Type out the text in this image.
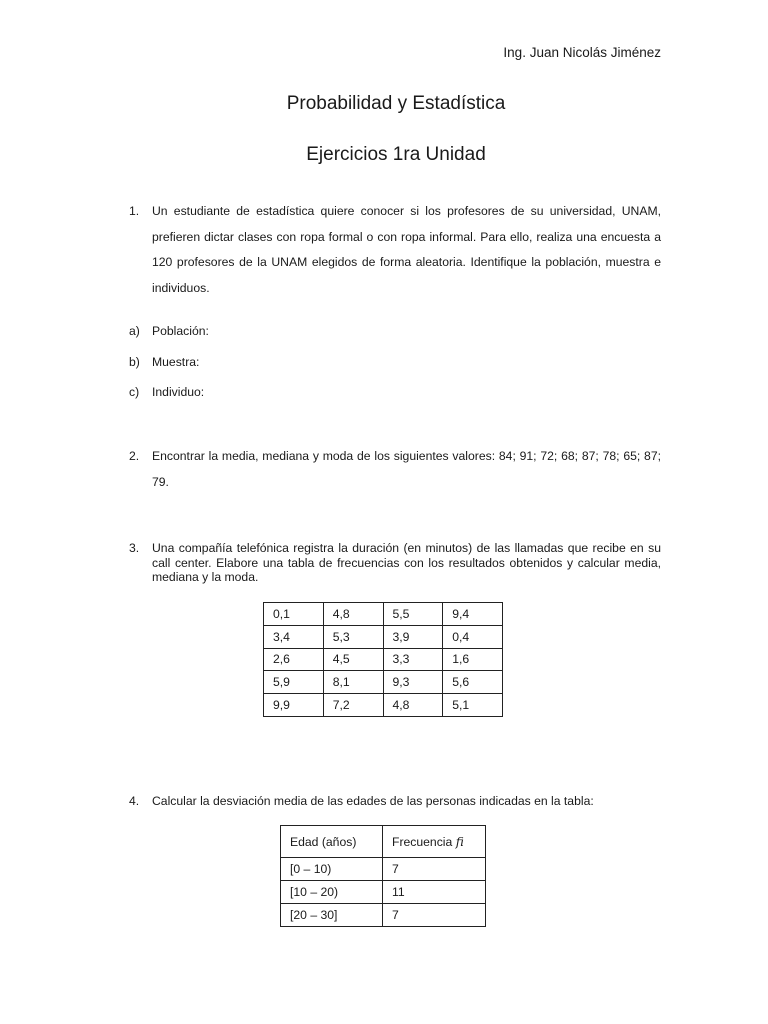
Ing. Juan Nicolás Jiménez
Probabilidad y Estadística
Ejercicios 1ra Unidad
1. Un estudiante de estadística quiere conocer si los profesores de su universidad, UNAM, prefieren dictar clases con ropa formal o con ropa informal. Para ello, realiza una encuesta a 120 profesores de la UNAM elegidos de forma aleatoria. Identifique la población, muestra e individuos.
a) Población:
b) Muestra:
c) Individuo:
2. Encontrar la media, mediana y moda de los siguientes valores: 84; 91; 72; 68; 87; 78; 65; 87; 79.
3. Una compañía telefónica registra la duración (en minutos) de las llamadas que recibe en su call center. Elabore una tabla de frecuencias con los resultados obtenidos y calcular media, mediana y la moda.
0,1	4,8	5,5	9,4
3,4	5,3	3,9	0,4
2,6	4,5	3,3	1,6
5,9	8,1	9,3	5,6
9,9	7,2	4,8	5,1
4. Calcular la desviación media de las edades de las personas indicadas en la tabla:
Edad (años)	Frecuencia fi
[0 – 10)	7
[10 – 20)	11
[20 – 30]	7
